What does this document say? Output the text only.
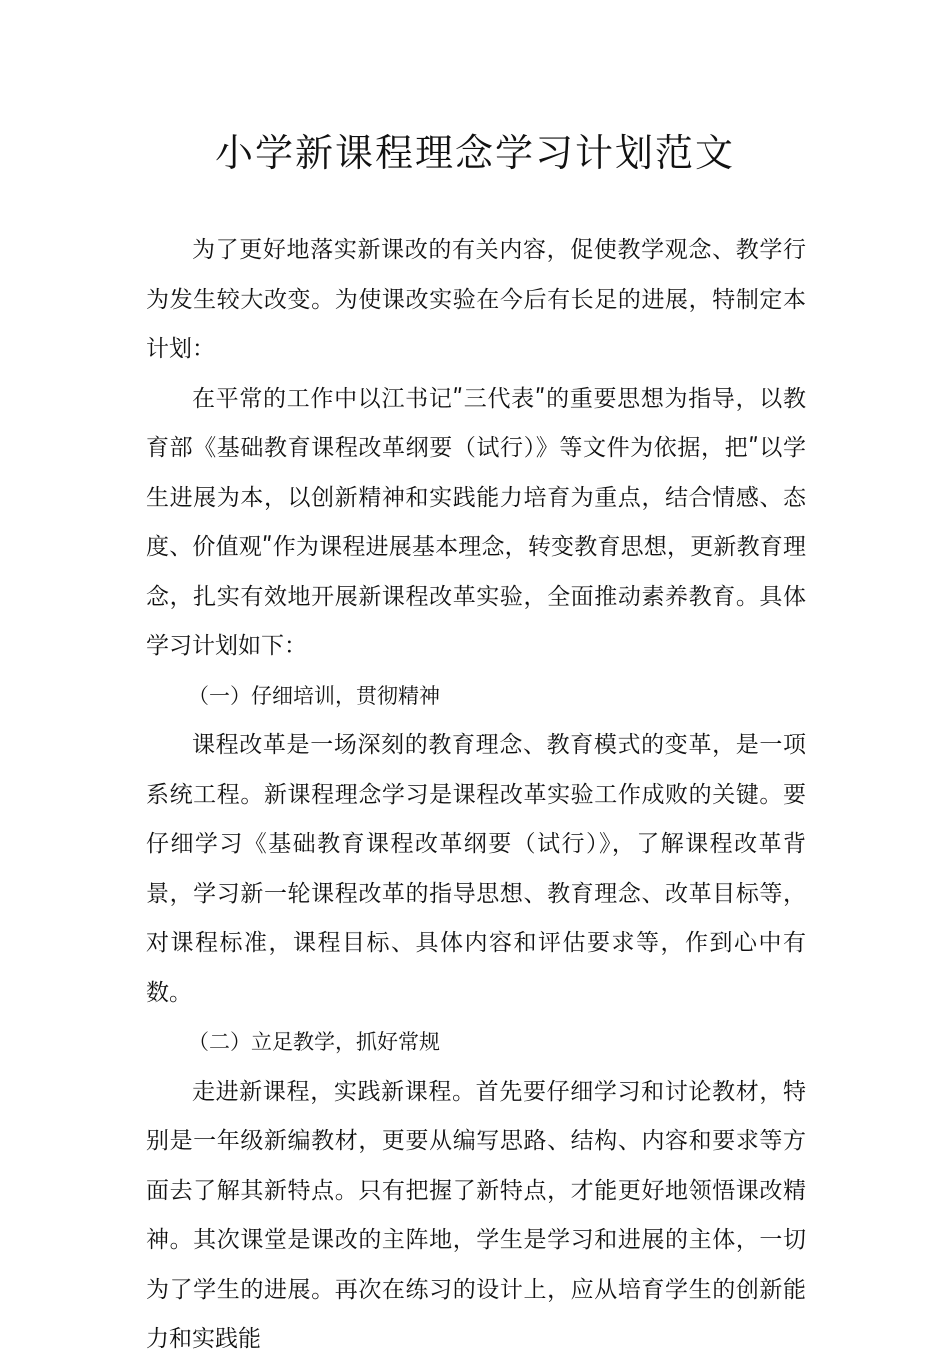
小学新课程理念学习计划范文

为了更好地落实新课改的有关内容，促使教学观念、教学行为发生较大改变。为使课改实验在今后有长足的进展，特制定本计划：

在平常的工作中以江书记ʺ三代表ʺ的重要思想为指导，以教育部《基础教育课程改革纲要（试行）》等文件为依据，把ʺ以学生进展为本，以创新精神和实践能力培育为重点，结合情感、态度、价值观ʺ作为课程进展基本理念，转变教育思想，更新教育理念，扎实有效地开展新课程改革实验，全面推动素养教育。具体学习计划如下：

（一）仔细培训，贯彻精神

课程改革是一场深刻的教育理念、教育模式的变革，是一项系统工程。新课程理念学习是课程改革实验工作成败的关键。要仔细学习《基础教育课程改革纲要（试行）》，了解课程改革背景，学习新一轮课程改革的指导思想、教育理念、改革目标等，对课程标准，课程目标、具体内容和评估要求等，作到心中有数。

（二）立足教学，抓好常规

走进新课程，实践新课程。首先要仔细学习和讨论教材，特别是一年级新编教材，更要从编写思路、结构、内容和要求等方面去了解其新特点。只有把握了新特点，才能更好地领悟课改精神。其次课堂是课改的主阵地，学生是学习和进展的主体，一切为了学生的进展。再次在练习的设计上，应从培育学生的创新能力和实践能
